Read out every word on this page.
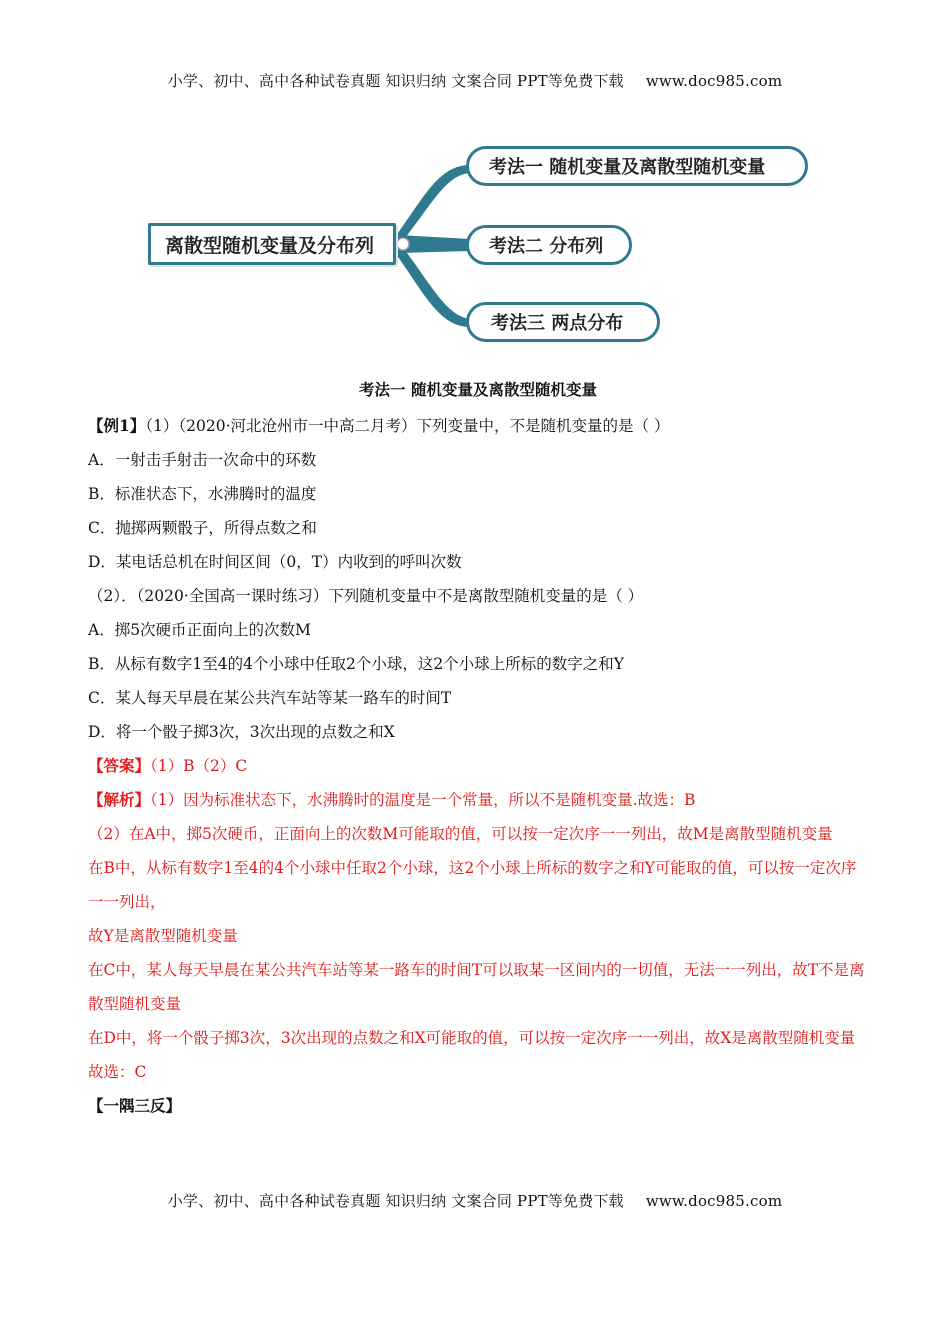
小学、初中、高中各种试卷真题 知识归纳 文案合同 PPT等免费下载 www.doc985.com
离散型随机变量及分布列
考法一 随机变量及离散型随机变量
考法二 分布列
考法三 两点分布

考法一 随机变量及离散型随机变量

【例1】（1）（2020·河北沧州市一中高二月考）下列变量中，不是随机变量的是（ ）

A．一射击手射击一次命中的环数

B．标准状态下，水沸腾时的温度

C．抛掷两颗骰子，所得点数之和

D．某电话总机在时间区间（0，T）内收到的呼叫次数

（2）．（2020·全国高一课时练习）下列随机变量中不是离散型随机变量的是（ ）

A．掷5次硬币正面向上的次数M

B．从标有数字1至4的4个小球中任取2个小球，这2个小球上所标的数字之和Y

C．某人每天早晨在某公共汽车站等某一路车的时间T

D．将一个骰子掷3次，3次出现的点数之和X

【答案】（1）B（2）C

【解析】（1）因为标准状态下，水沸腾时的温度是一个常量，所以不是随机变量.故选：B

（2）在A中，掷5次硬币，正面向上的次数M可能取的值，可以按一定次序一一列出，故M是离散型随机变量

在B中，从标有数字1至4的4个小球中任取2个小球，这2个小球上所标的数字之和Y可能取的值，可以按一定次序一一列出，

故Y是离散型随机变量

在C中，某人每天早晨在某公共汽车站等某一路车的时间T可以取某一区间内的一切值，无法一一列出，故T不是离散型随机变量

在D中，将一个骰子掷3次，3次出现的点数之和X可能取的值，可以按一定次序一一列出，故X是离散型随机变量故选：C

【一隅三反】

小学、初中、高中各种试卷真题 知识归纳 文案合同 PPT等免费下载 www.doc985.com
